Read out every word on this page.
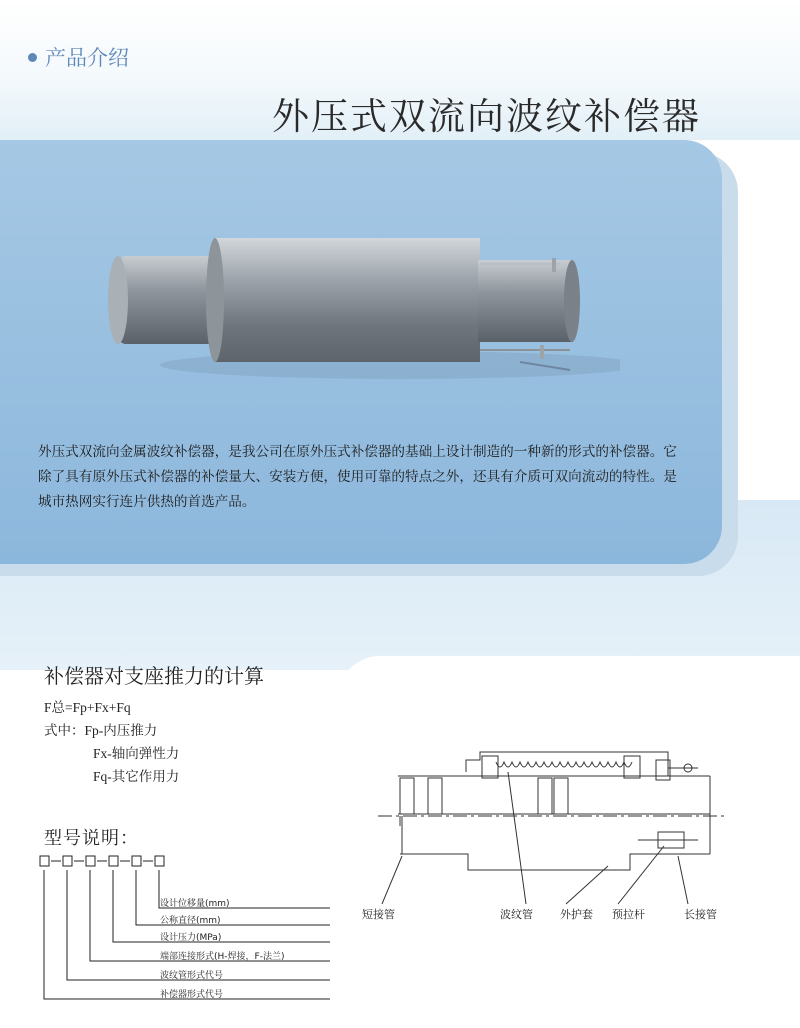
产品介绍
外压式双流向波纹补偿器
外压式双流向金属波纹补偿器，是我公司在原外压式补偿器的基础上设计制造的一种新的形式的补偿器。它除了具有原外压式补偿器的补偿量大、安装方便，使用可靠的特点之外，还具有介质可双向流动的特性。是城市热网实行连片供热的首选产品。
补偿器对支座推力的计算
F总=Fp+Fx+Fq
式中：Fp-内压推力
Fx-轴向弹性力
Fq-其它作用力
型号说明：
设计位移量(mm)
公称直径(mm)
设计压力(MPa)
端部连接形式(H-焊接，F-法兰)
波纹管形式代号
补偿器形式代号
短接管	波纹管 外护套 预拉杆	长接管
